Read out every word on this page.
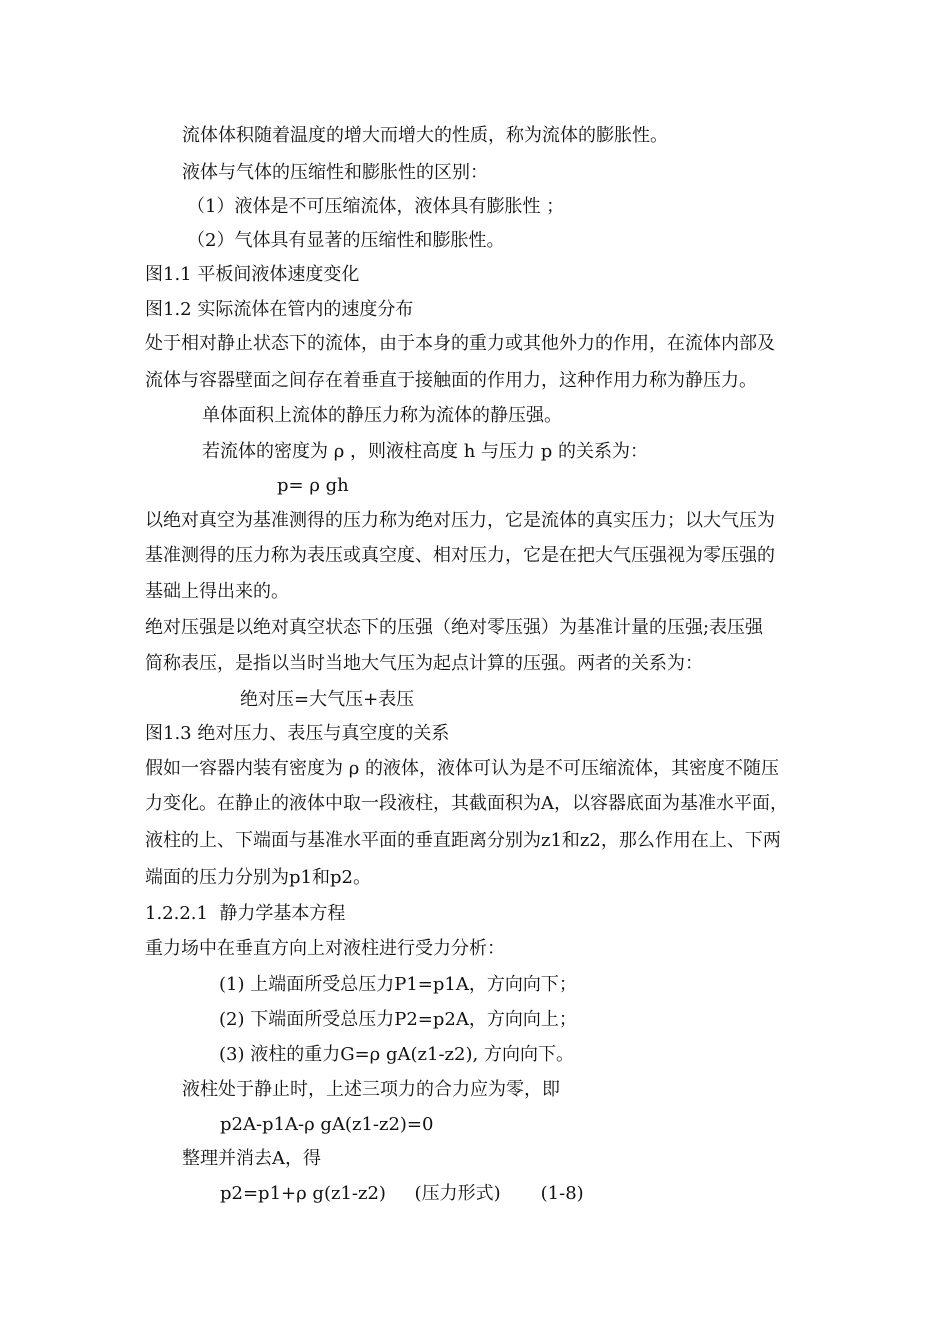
流体体积随着温度的增大而增大的性质，称为流体的膨胀性。
液体与气体的压缩性和膨胀性的区别：
（1）液体是不可压缩流体，液体具有膨胀性 ；
（2）气体具有显著的压缩性和膨胀性。
图1.1 平板间液体速度变化
图1.2 实际流体在管内的速度分布
处于相对静止状态下的流体，由于本身的重力或其他外力的作用，在流体内部及
流体与容器壁面之间存在着垂直于接触面的作用力，这种作用力称为静压力。
单体面积上流体的静压力称为流体的静压强。
若流体的密度为 ρ ，则液柱高度 h 与压力 p 的关系为：
p= ρ gh
以绝对真空为基准测得的压力称为绝对压力，它是流体的真实压力；以大气压为
基准测得的压力称为表压或真空度、相对压力，它是在把大气压强视为零压强的
基础上得出来的。
绝对压强是以绝对真空状态下的压强（绝对零压强）为基准计量的压强;表压强
简称表压，是指以当时当地大气压为起点计算的压强。两者的关系为：
绝对压=大气压+表压
图1.3 绝对压力、表压与真空度的关系
假如一容器内装有密度为 ρ 的液体，液体可认为是不可压缩流体，其密度不随压
力变化。在静止的液体中取一段液柱，其截面积为A，以容器底面为基准水平面，
液柱的上、下端面与基准水平面的垂直距离分别为z1和z2，那么作用在上、下两
端面的压力分别为p1和p2。
1.2.2.1  静力学基本方程
重力场中在垂直方向上对液柱进行受力分析：
(1) 上端面所受总压力P1=p1A，方向向下；
(2) 下端面所受总压力P2=p2A，方向向上；
(3) 液柱的重力G=ρ gA(z1-z2), 方向向下。
液柱处于静止时，上述三项力的合力应为零，即
p2A-p1A-ρ gA(z1-z2)=0
整理并消去A，得
p2=p1+ρ g(z1-z2)     (压力形式)       (1-8)
